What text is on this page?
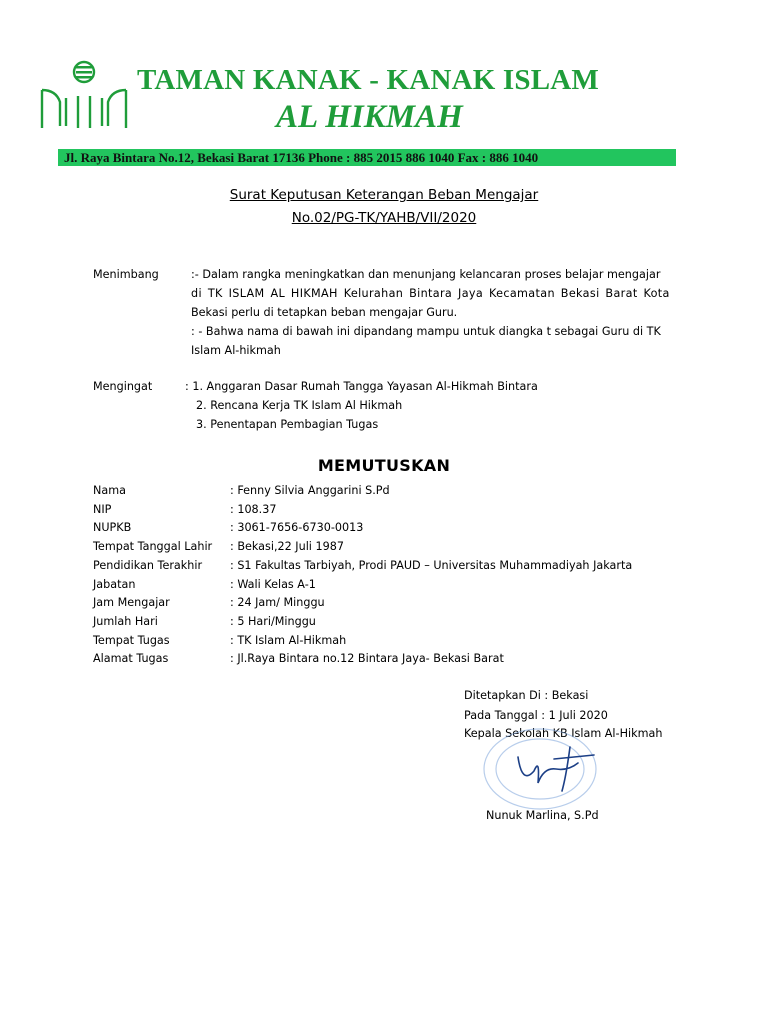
TAMAN KANAK - KANAK ISLAM
AL HIKMAH
Jl. Raya Bintara No.12, Bekasi Barat 17136 Phone : 885 2015 886 1040 Fax : 886 1040
Surat Keputusan Keterangan Beban Mengajar
No.02/PG-TK/YAHB/VII/2020
Menimbang	:- Dalam rangka meningkatkan dan menunjang kelancaran proses belajar mengajar
di TK ISLAM AL HIKMAH Kelurahan Bintara Jaya Kecamatan Bekasi Barat Kota
Bekasi perlu di tetapkan beban mengajar Guru.
: - Bahwa nama di bawah ini dipandang mampu untuk diangka t sebagai Guru di TK
Islam Al-hikmah
Mengingat	: 1. Anggaran Dasar Rumah Tangga Yayasan Al-Hikmah Bintara
2. Rencana Kerja TK Islam Al Hikmah
3. Penentapan Pembagian Tugas
MEMUTUSKAN
Nama	: Fenny Silvia Anggarini S.Pd
NIP	: 108.37
NUPKB	: 3061-7656-6730-0013
Tempat Tanggal Lahir : Bekasi,22 Juli 1987
Pendidikan Terakhir : S1 Fakultas Tarbiyah, Prodi PAUD – Universitas Muhammadiyah Jakarta
Jabatan	: Wali Kelas A-1
Jam Mengajar	: 24 Jam/ Minggu
Jumlah Hari	: 5 Hari/Minggu
Tempat Tugas	: TK Islam Al-Hikmah
Alamat Tugas	: Jl.Raya Bintara no.12 Bintara Jaya- Bekasi Barat
Ditetapkan Di : Bekasi
Pada Tanggal : 1 Juli 2020
Kepala Sekolah KB Islam Al-Hikmah
Nunuk Marlina, S.Pd
